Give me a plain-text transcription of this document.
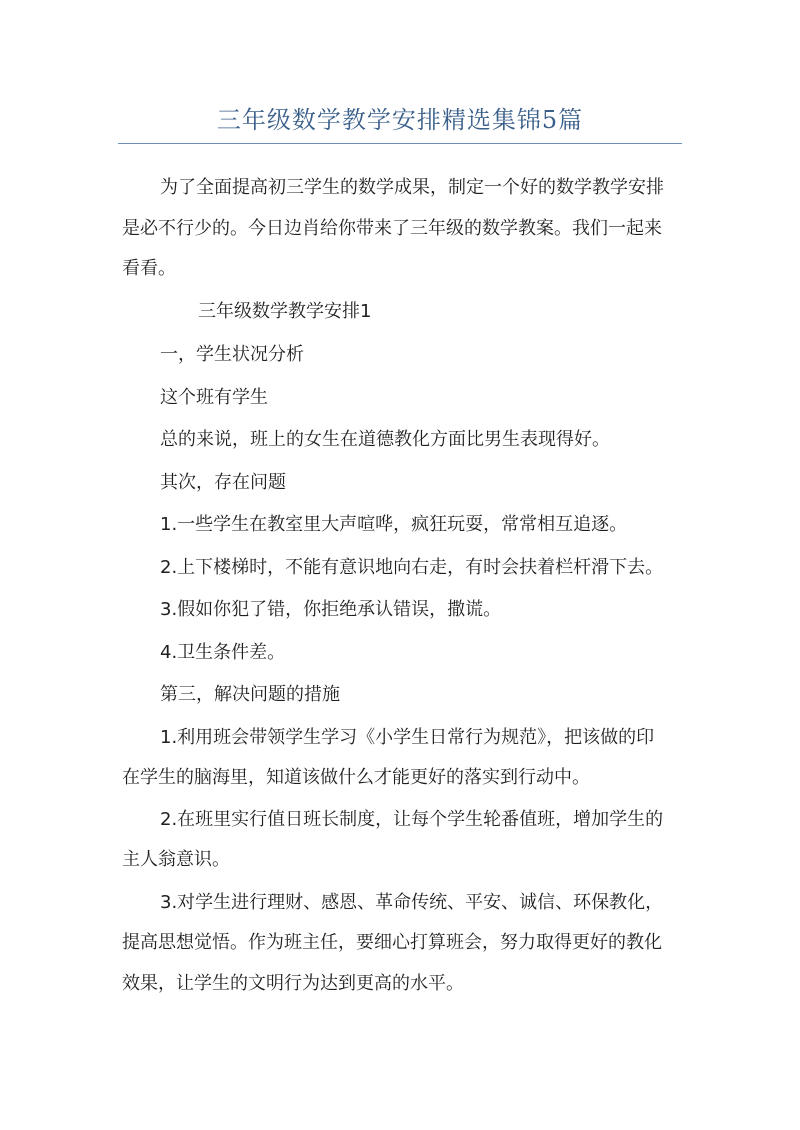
三年级数学教学安排精选集锦5篇
为了全面提高初三学生的数学成果，制定一个好的数学教学安排
是必不行少的。今日边肖给你带来了三年级的数学教案。我们一起来
看看。
三年级数学教学安排1
一，学生状况分析
这个班有学生
总的来说，班上的女生在道德教化方面比男生表现得好。
其次，存在问题
1.一些学生在教室里大声喧哗，疯狂玩耍，常常相互追逐。
2.上下楼梯时，不能有意识地向右走，有时会扶着栏杆滑下去。
3.假如你犯了错，你拒绝承认错误，撒谎。
4.卫生条件差。
第三，解决问题的措施
1.利用班会带领学生学习《小学生日常行为规范》，把该做的印
在学生的脑海里，知道该做什么才能更好的落实到行动中。
2.在班里实行值日班长制度，让每个学生轮番值班，增加学生的
主人翁意识。
3.对学生进行理财、感恩、革命传统、平安、诚信、环保教化，
提高思想觉悟。作为班主任，要细心打算班会，努力取得更好的教化
效果，让学生的文明行为达到更高的水平。
